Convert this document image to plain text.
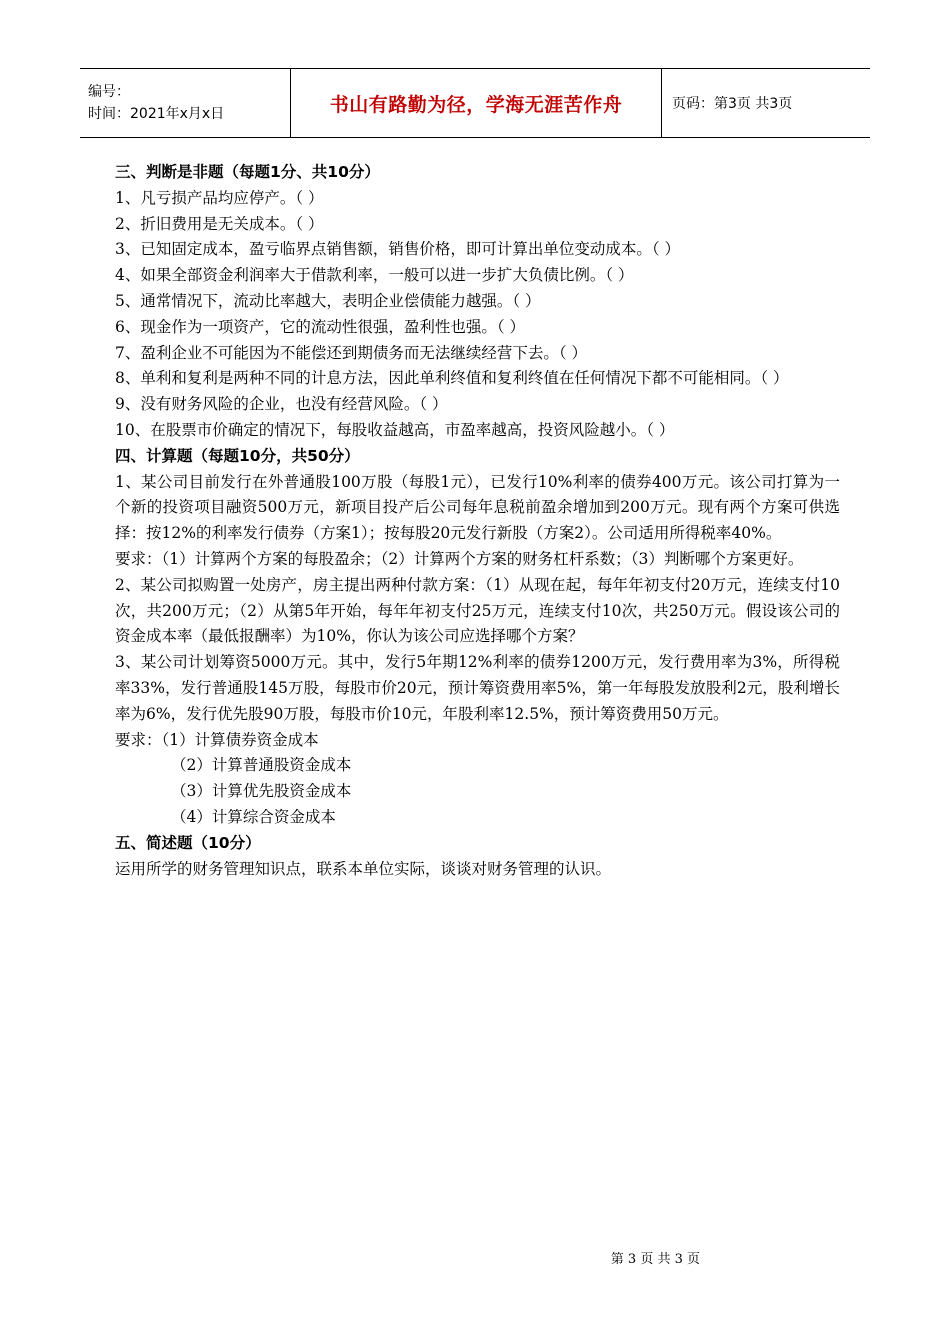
编号：
时间：2021年x月x日	书山有路勤为径，学海无涯苦作舟	页码：第3页 共3页

三、判断是非题（每题1分、共10分）

1、凡亏损产品均应停产。（ ）

2、折旧费用是无关成本。（ ）

3、已知固定成本，盈亏临界点销售额，销售价格，即可计算出单位变动成本。（ ）

4、如果全部资金利润率大于借款利率，一般可以进一步扩大负债比例。（ ）

5、通常情况下，流动比率越大，表明企业偿债能力越强。（ ）

6、现金作为一项资产，它的流动性很强，盈利性也强。（ ）

7、盈利企业不可能因为不能偿还到期债务而无法继续经营下去。（ ）

8、单利和复利是两种不同的计息方法，因此单利终值和复利终值在任何情况下都不可能相同。（ ）

9、没有财务风险的企业，也没有经营风险。（ ）

10、在股票市价确定的情况下，每股收益越高，市盈率越高，投资风险越小。（ ）

四、计算题（每题10分，共50分）

1、某公司目前发行在外普通股100万股（每股1元），已发行10%利率的债券400万元。该公司打算为一个新的投资项目融资500万元，新项目投产后公司每年息税前盈余增加到200万元。现有两个方案可供选择：按12%的利率发行债券（方案1）；按每股20元发行新股（方案2）。公司适用所得税率40%。

要求：（1）计算两个方案的每股盈余；（2）计算两个方案的财务杠杆系数；（3）判断哪个方案更好。

2、某公司拟购置一处房产，房主提出两种付款方案：（1）从现在起，每年年初支付20万元，连续支付10次，共200万元；（2）从第5年开始，每年年初支付25万元，连续支付10次，共250万元。假设该公司的资金成本率（最低报酬率）为10%，你认为该公司应选择哪个方案？

3、某公司计划筹资5000万元。其中，发行5年期12%利率的债券1200万元，发行费用率为3%，所得税率33%，发行普通股145万股，每股市价20元，预计筹资费用率5%，第一年每股发放股利2元，股利增长率为6%，发行优先股90万股，每股市价10元，年股利率12.5%，预计筹资费用50万元。

要求：（1）计算债券资金成本

（2）计算普通股资金成本

（3）计算优先股资金成本

（4）计算综合资金成本

五、简述题（10分）

运用所学的财务管理知识点，联系本单位实际，谈谈对财务管理的认识。

第 3 页 共 3 页
